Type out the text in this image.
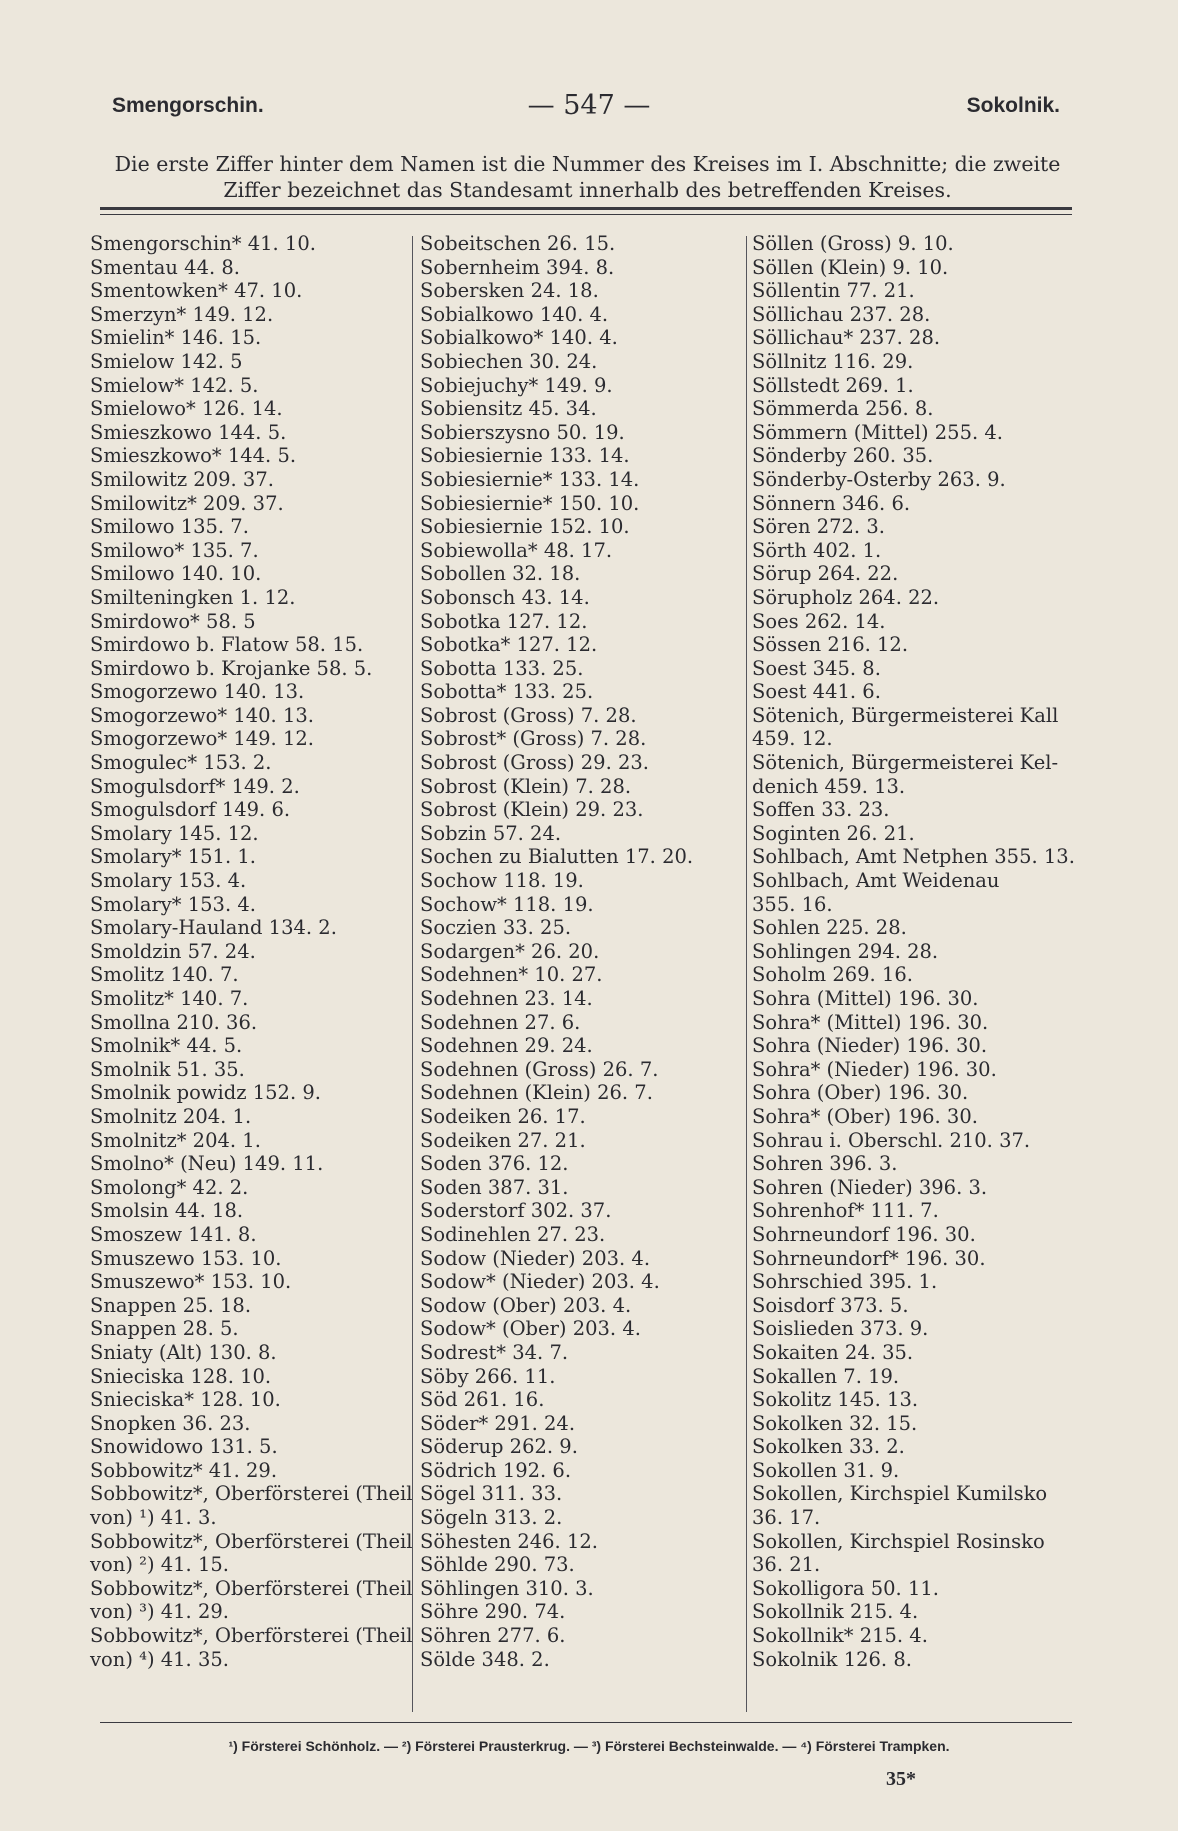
Smengorschin.	— 547 —	Sokolnik.
Die erste Ziffer hinter dem Namen ist die Nummer des Kreises im I. Abschnitte; die zweite Ziffer bezeichnet das Standesamt innerhalb des betreffenden Kreises.
Smengorschin* 41. 10.
Smentau 44. 8.
Smentowken* 47. 10.
Smerzyn* 149. 12.
Smielin* 146. 15.
Smielow 142. 5
Smielow* 142. 5.
Smielowo* 126. 14.
Smieszkowo 144. 5.
Smieszkowo* 144. 5.
Smilowitz 209. 37.
Smilowitz* 209. 37.
Smilowo 135. 7.
Smilowo* 135. 7.
Smilowo 140. 10.
Smilteningken 1. 12.
Smirdowo* 58. 5
Smirdowo b. Flatow 58. 15.
Smirdowo b. Krojanke 58. 5.
Smogorzewo 140. 13.
Smogorzewo* 140. 13.
Smogorzewo* 149. 12.
Smogulec* 153. 2.
Smogulsdorf* 149. 2.
Smogulsdorf 149. 6.
Smolary 145. 12.
Smolary* 151. 1.
Smolary 153. 4.
Smolary* 153. 4.
Smolary-Hauland 134. 2.
Smoldzin 57. 24.
Smolitz 140. 7.
Smolitz* 140. 7.
Smollna 210. 36.
Smolnik* 44. 5.
Smolnik 51. 35.
Smolnik powidz 152. 9.
Smolnitz 204. 1.
Smolnitz* 204. 1.
Smolno* (Neu) 149. 11.
Smolong* 42. 2.
Smolsin 44. 18.
Smoszew 141. 8.
Smuszewo 153. 10.
Smuszewo* 153. 10.
Snappen 25. 18.
Snappen 28. 5.
Sniaty (Alt) 130. 8.
Snieciska 128. 10.
Snieciska* 128. 10.
Snopken 36. 23.
Snowidowo 131. 5.
Sobbowitz* 41. 29.
Sobbowitz*, Oberförsterei (Theil
von) ¹) 41. 3.
Sobbowitz*, Oberförsterei (Theil
von) ²) 41. 15.
Sobbowitz*, Oberförsterei (Theil
von) ³) 41. 29.
Sobbowitz*, Oberförsterei (Theil
von) ⁴) 41. 35.
Sobeitschen 26. 15.
Sobernheim 394. 8.
Sobersken 24. 18.
Sobialkowo 140. 4.
Sobialkowo* 140. 4.
Sobiechen 30. 24.
Sobiejuchy* 149. 9.
Sobiensitz 45. 34.
Sobierszysno 50. 19.
Sobiesiernie 133. 14.
Sobiesiernie* 133. 14.
Sobiesiernie* 150. 10.
Sobiesiernie 152. 10.
Sobiewolla* 48. 17.
Sobollen 32. 18.
Sobonsch 43. 14.
Sobotka 127. 12.
Sobotka* 127. 12.
Sobotta 133. 25.
Sobotta* 133. 25.
Sobrost (Gross) 7. 28.
Sobrost* (Gross) 7. 28.
Sobrost (Gross) 29. 23.
Sobrost (Klein) 7. 28.
Sobrost (Klein) 29. 23.
Sobzin 57. 24.
Sochen zu Bialutten 17. 20.
Sochow 118. 19.
Sochow* 118. 19.
Soczien 33. 25.
Sodargen* 26. 20.
Sodehnen* 10. 27.
Sodehnen 23. 14.
Sodehnen 27. 6.
Sodehnen 29. 24.
Sodehnen (Gross) 26. 7.
Sodehnen (Klein) 26. 7.
Sodeiken 26. 17.
Sodeiken 27. 21.
Soden 376. 12.
Soden 387. 31.
Soderstorf 302. 37.
Sodinehlen 27. 23.
Sodow (Nieder) 203. 4.
Sodow* (Nieder) 203. 4.
Sodow (Ober) 203. 4.
Sodow* (Ober) 203. 4.
Sodrest* 34. 7.
Söby 266. 11.
Söd 261. 16.
Söder* 291. 24.
Söderup 262. 9.
Södrich 192. 6.
Sögel 311. 33.
Sögeln 313. 2.
Söhesten 246. 12.
Söhlde 290. 73.
Söhlingen 310. 3.
Söhre 290. 74.
Söhren 277. 6.
Sölde 348. 2.
Söllen (Gross) 9. 10.
Söllen (Klein) 9. 10.
Söllentin 77. 21.
Söllichau 237. 28.
Söllichau* 237. 28.
Söllnitz 116. 29.
Söllstedt 269. 1.
Sömmerda 256. 8.
Sömmern (Mittel) 255. 4.
Sönderby 260. 35.
Sönderby-Osterby 263. 9.
Sönnern 346. 6.
Sören 272. 3.
Sörth 402. 1.
Sörup 264. 22.
Sörupholz 264. 22.
Soes 262. 14.
Sössen 216. 12.
Soest 345. 8.
Soest 441. 6.
Sötenich, Bürgermeisterei Kall
459. 12.
Sötenich, Bürgermeisterei Kel-
denich 459. 13.
Soffen 33. 23.
Soginten 26. 21.
Sohlbach, Amt Netphen 355. 13.
Sohlbach, Amt Weidenau
355. 16.
Sohlen 225. 28.
Sohlingen 294. 28.
Soholm 269. 16.
Sohra (Mittel) 196. 30.
Sohra* (Mittel) 196. 30.
Sohra (Nieder) 196. 30.
Sohra* (Nieder) 196. 30.
Sohra (Ober) 196. 30.
Sohra* (Ober) 196. 30.
Sohrau i. Oberschl. 210. 37.
Sohren 396. 3.
Sohren (Nieder) 396. 3.
Sohrenhof* 111. 7.
Sohrneundorf 196. 30.
Sohrneundorf* 196. 30.
Sohrschied 395. 1.
Soisdorf 373. 5.
Soislieden 373. 9.
Sokaiten 24. 35.
Sokallen 7. 19.
Sokolitz 145. 13.
Sokolken 32. 15.
Sokolken 33. 2.
Sokollen 31. 9.
Sokollen, Kirchspiel Kumilsko
36. 17.
Sokollen, Kirchspiel Rosinsko
36. 21.
Sokolligora 50. 11.
Sokollnik 215. 4.
Sokollnik* 215. 4.
Sokolnik 126. 8.
¹) Försterei Schönholz. — ²) Försterei Prausterkrug. — ³) Försterei Bechsteinwalde. — ⁴) Försterei Trampken.
35*
